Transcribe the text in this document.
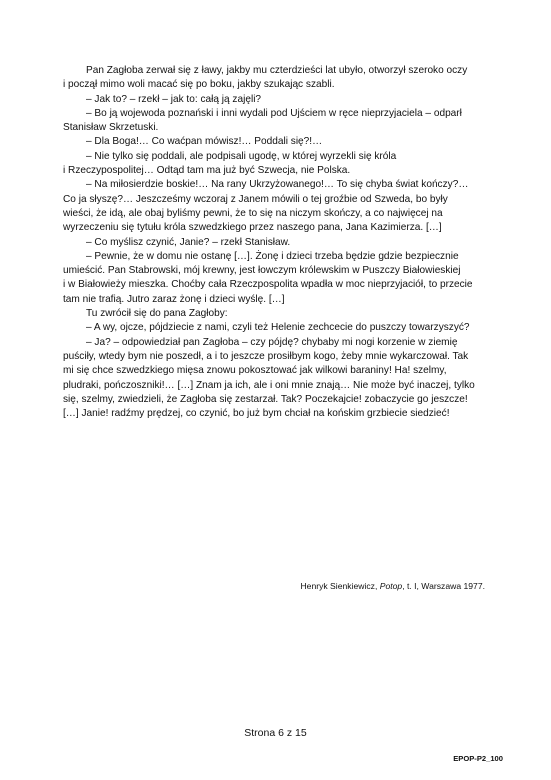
Pan Zagłoba zerwał się z ławy, jakby mu czterdzieści lat ubyło, otworzył szeroko oczy
i począł mimo woli macać się po boku, jakby szukając szabli.
– Jak to? – rzekł – jak to: całą ją zajęli?
– Bo ją wojewoda poznański i inni wydali pod Ujściem w ręce nieprzyjaciela – odparł
Stanisław Skrzetuski.
– Dla Boga!… Co waćpan mówisz!… Poddali się?!…
– Nie tylko się poddali, ale podpisali ugodę, w której wyrzekli się króla
i Rzeczypospolitej… Odtąd tam ma już być Szwecja, nie Polska.
– Na miłosierdzie boskie!… Na rany Ukrzyżowanego!… To się chyba świat kończy?…
Co ja słyszę?… Jeszcześmy wczoraj z Janem mówili o tej groźbie od Szweda, bo były
wieści, że idą, ale obaj byliśmy pewni, że to się na niczym skończy, a co najwięcej na
wyrzeczeniu się tytułu króla szwedzkiego przez naszego pana, Jana Kazimierza. […]
– Co myślisz czynić, Janie? – rzekł Stanisław.
– Pewnie, że w domu nie ostanę […]. Żonę i dzieci trzeba będzie gdzie bezpiecznie
umieścić. Pan Stabrowski, mój krewny, jest łowczym królewskim w Puszczy Białowieskiej
i w Białowieży mieszka. Choćby cała Rzeczpospolita wpadła w moc nieprzyjaciół, to przecie
tam nie trafią. Jutro zaraz żonę i dzieci wyślę. […]
Tu zwrócił się do pana Zagłoby:
– A wy, ojcze, pójdziecie z nami, czyli też Helenie zechcecie do puszczy towarzyszyć?
– Ja? – odpowiedział pan Zagłoba – czy pójdę? chybaby mi nogi korzenie w ziemię
puściły, wtedy bym nie poszedł, a i to jeszcze prosiłbym kogo, żeby mnie wykarczował. Tak
mi się chce szwedzkiego mięsa znowu pokosztować jak wilkowi baraniny! Ha! szelmy,
pludraki, pończoszniki!… […] Znam ja ich, ale i oni mnie znają… Nie może być inaczej, tylko
się, szelmy, zwiedzieli, że Zagłoba się zestarzał. Tak? Poczekajcie! zobaczycie go jeszcze!
[…] Janie! radźmy prędzej, co czynić, bo już bym chciał na końskim grzbiecie siedzieć!

Henryk Sienkiewicz, Potop, t. I, Warszawa 1977.
Strona 6 z 15
EPOP-P2_100
